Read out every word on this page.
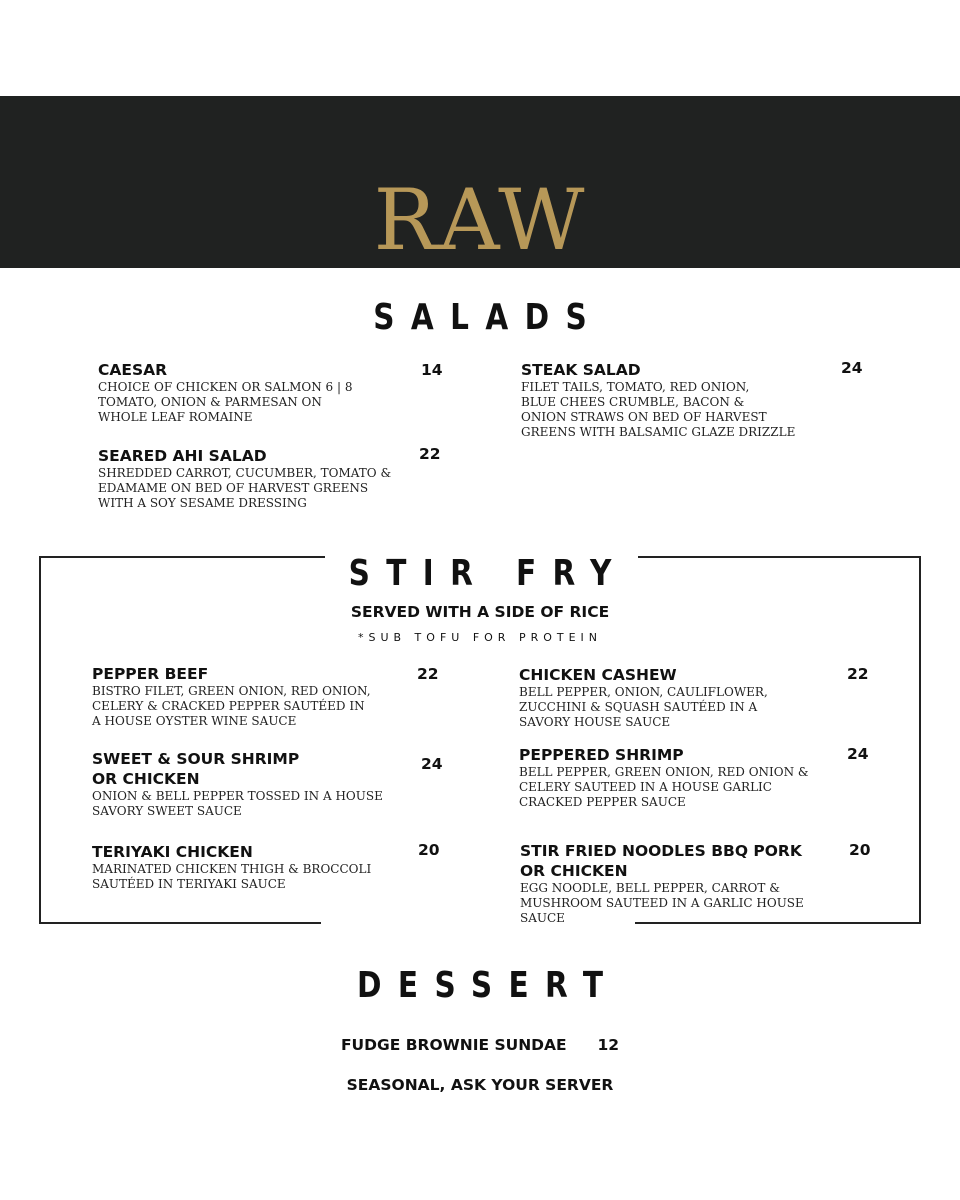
RAW
SALADS
CAESAR
CHOICE OF CHICKEN OR SALMON 6 | 8
TOMATO, ONION & PARMESAN ON
WHOLE LEAF ROMAINE
14	STEAK SALAD
FILET TAILS, TOMATO, RED ONION,
BLUE CHEES CRUMBLE, BACON &
ONION STRAWS ON BED OF HARVEST
GREENS WITH BALSAMIC GLAZE DRIZZLE
24
SEARED AHI SALAD
SHREDDED CARROT, CUCUMBER, TOMATO &
EDAMAME ON BED OF HARVEST GREENS
WITH A SOY SESAME DRESSING
22
STIR FRY
SERVED WITH A SIDE OF RICE
*SUB TOFU FOR PROTEIN
PEPPER BEEF
BISTRO FILET, GREEN ONION, RED ONION,
CELERY & CRACKED PEPPER SAUTÉED IN
A HOUSE OYSTER WINE SAUCE
22
SWEET & SOUR SHRIMP
OR CHICKEN
ONION & BELL PEPPER TOSSED IN A HOUSE
SAVORY SWEET SAUCE
24
TERIYAKI CHICKEN
MARINATED CHICKEN THIGH & BROCCOLI
SAUTÉED IN TERIYAKI SAUCE
20
CHICKEN CASHEW
BELL PEPPER, ONION, CAULIFLOWER,
ZUCCHINI & SQUASH SAUTÉED IN A
SAVORY HOUSE SAUCE
22
PEPPERED SHRIMP
BELL PEPPER, GREEN ONION, RED ONION &
CELERY SAUTEED IN A HOUSE GARLIC
CRACKED PEPPER SAUCE
24
STIR FRIED NOODLES BBQ PORK
OR CHICKEN
EGG NOODLE, BELL PEPPER, CARROT &
MUSHROOM SAUTEED IN A GARLIC HOUSE SAUCE
20
DESSERT
FUDGE BROWNIE SUNDAE 12
SEASONAL, ASK YOUR SERVER
